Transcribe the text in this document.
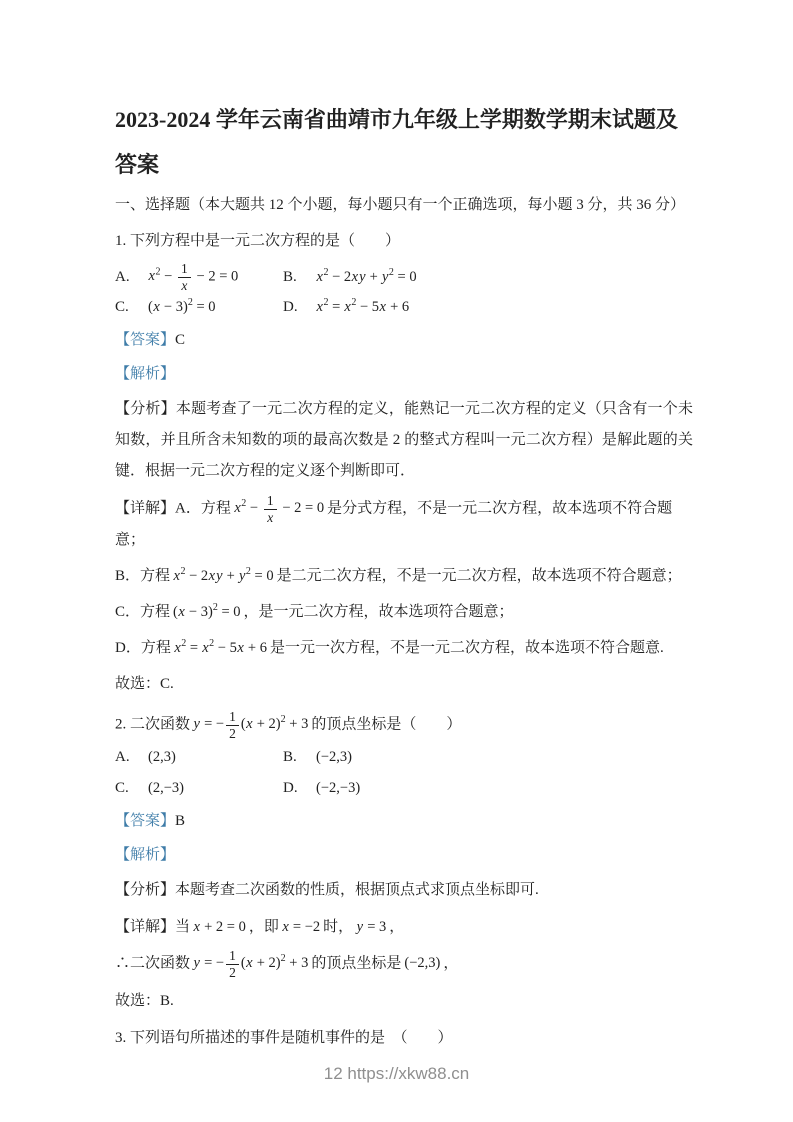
2023-2024 学年云南省曲靖市九年级上学期数学期末试题及
答案

一、选择题（本大题共 12 个小题，每小题只有一个正确选项，每小题 3 分，共 36 分）

1. 下列方程中是一元二次方程的是（　　）

A.	$x^2 - \frac{1}{x} - 2 = 0$	B.	$x^2 - 2xy + y^2 = 0$
C.	$(x - 3)^2 = 0$	D.	$x^2 = x^2 - 5x + 6$

【答案】C

【解析】

【分析】本题考查了一元二次方程的定义，能熟记一元二次方程的定义（只含有一个未知数，并且所含未知数的项的最高次数是 2 的整式方程叫一元二次方程）是解此题的关键．根据一元二次方程的定义逐个判断即可．

【详解】A．方程 $x^2 - \frac{1}{x} - 2 = 0$ 是分式方程，不是一元二次方程，故本选项不符合题意；
B．方程 $x^2 - 2xy + y^2 = 0$ 是二元二次方程，不是一元二次方程，故本选项不符合题意；
C．方程 $(x - 3)^2 = 0$ ，是一元二次方程，故本选项符合题意；
D．方程 $x^2 = x^2 - 5x + 6$ 是一元一次方程，不是一元二次方程，故本选项不符合题意.

故选：C.

2. 二次函数 y = − $\frac{1}{2} (x + 2)^2 + 3$ 的顶点坐标是（　　）
A.	(2,3)	B.	(−2,3)
C.	(2,−3)	D.	(−2,−3)

【答案】B

【解析】

【分析】本题考查二次函数的性质，根据顶点式求顶点坐标即可.

【详解】当 x + 2 = 0 ，即 x = −2 时， y = 3 ，
∴二次函数 y = − $\frac{1}{2} (x + 2)^2 + 3$ 的顶点坐标是 (−2,3) ，

故选：B.

3. 下列语句所描述的事件是随机事件的是　（　　）

12 https://xkw88.cn
